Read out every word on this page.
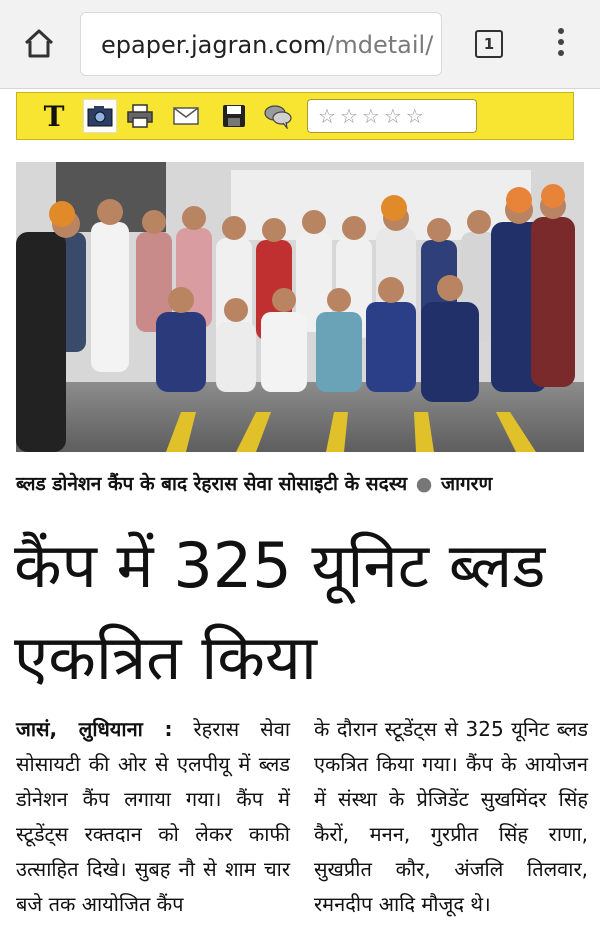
epaper.jagran.com/mdetail/	1
T	☆ ☆ ☆ ☆ ☆
ब्लड डोनेशन कैंप के बाद रेहरास सेवा सोसाइटी के सदस्य ● जागरण
कैंप में 325 यूनिट ब्लड
एकत्रित किया
जासं, लुधियाना : रेहरास सेवा सोसायटी की ओर से एलपीयू में ब्लड डोनेशन कैंप लगाया गया। कैंप में स्टूडेंट्स रक्तदान को लेकर काफी उत्साहित दिखे। सुबह नौ से शाम चार बजे तक आयोजित कैंप
के दौरान स्टूडेंट्स से 325 यूनिट ब्लड एकत्रित किया गया। कैंप के आयोजन में संस्था के प्रेजिडेंट सुखमिंदर सिंह कैरों, मनन, गुरप्रीत सिंह राणा, सुखप्रीत कौर, अंजलि तिलवार, रमनदीप आदि मौजूद थे।
